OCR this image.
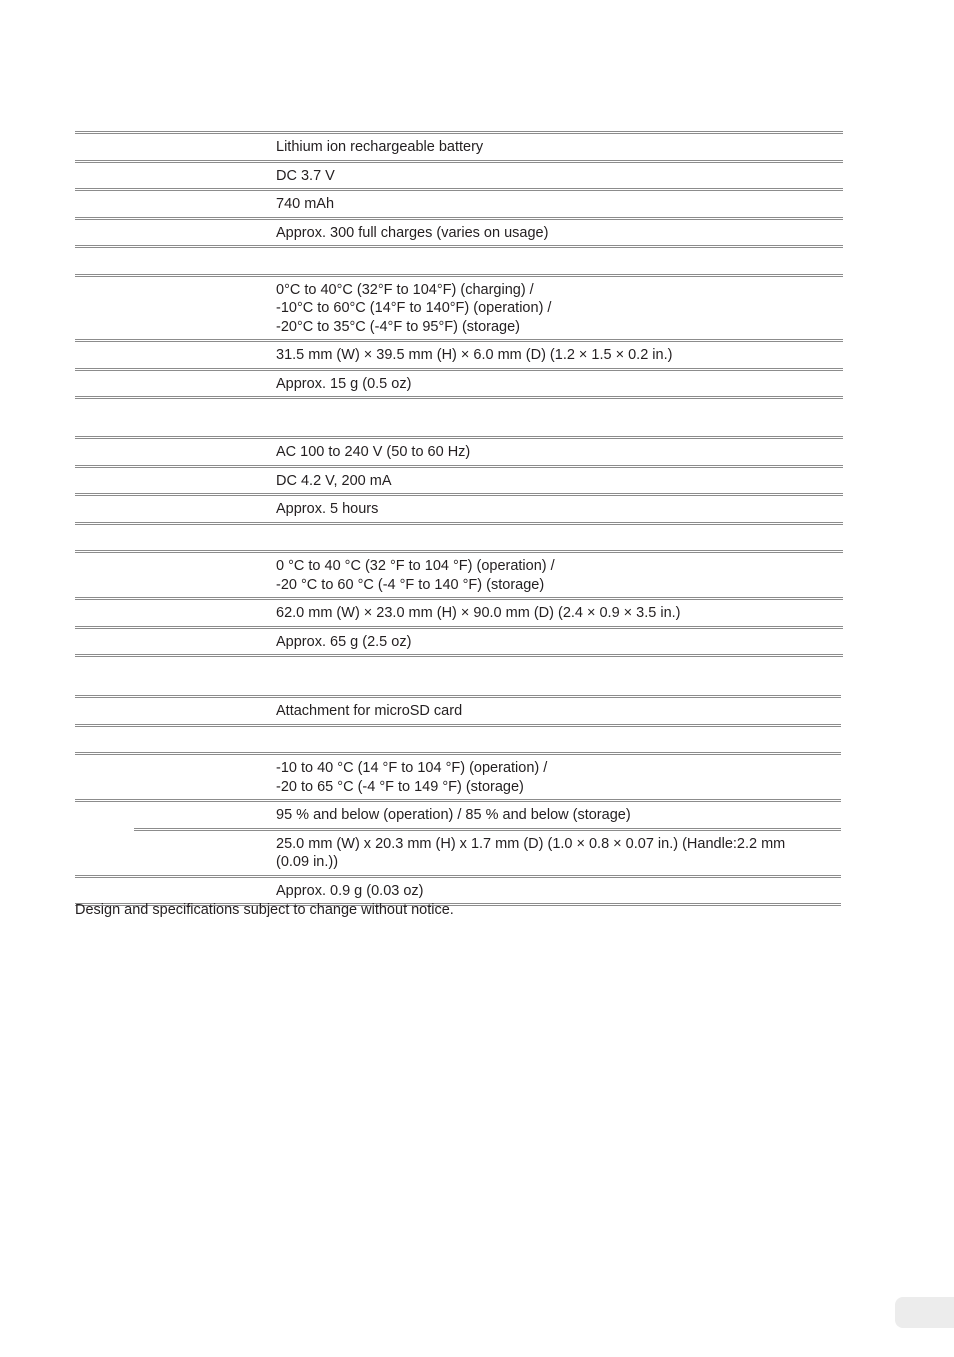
	Lithium ion rechargeable battery
	DC 3.7 V
	740 mAh
	Approx. 300 full charges (varies on usage)

	0°C to 40°C (32°F to 104°F) (charging) /
-10°C to 60°C (14°F to 140°F) (operation) /
-20°C to 35°C (-4°F to 95°F) (storage)

	31.5 mm (W) × 39.5 mm (H) × 6.0 mm (D) (1.2 × 1.5 × 0.2 in.)
	Approx. 15 g (0.5 oz)
	AC 100 to 240 V (50 to 60 Hz)
	DC 4.2 V, 200 mA
	Approx. 5 hours

	0 °C to 40 °C (32 °F to 104 °F) (operation) /
-20 °C to 60 °C (-4 °F to 140 °F) (storage)

	62.0 mm (W) × 23.0 mm (H) × 90.0 mm (D) (2.4 × 0.9 × 3.5 in.)
	Approx. 65 g (2.5 oz)
		Attachment for microSD card

		-10 to 40 °C (14 °F to 104 °F) (operation) /
-20 to 65 °C (-4 °F to 149 °F) (storage)

		95 % and below (operation) / 85 % and below (storage)

		25.0 mm (W) x 20.3 mm (H) x 1.7 mm (D) (1.0 × 0.8 × 0.07 in.) (Handle:2.2 mm
(0.09 in.))

		Approx. 0.9 g (0.03 oz)
Design and specifications subject to change without notice.
